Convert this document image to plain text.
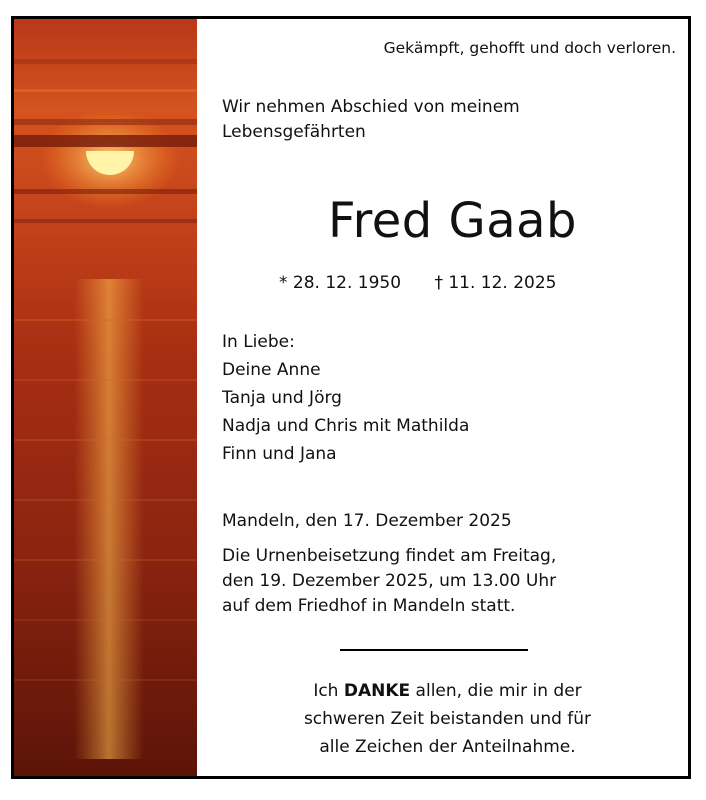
Gekämpft, gehofft und doch verloren.
Wir nehmen Abschied von meinem
Lebensgefährten
Fred Gaab
* 28. 12. 1950 † 11. 12. 2025
In Liebe:
Deine Anne
Tanja und Jörg
Nadja und Chris mit Mathilda
Finn und Jana
Mandeln, den 17. Dezember 2025
Die Urnenbeisetzung findet am Freitag,
den 19. Dezember 2025, um 13.00 Uhr
auf dem Friedhof in Mandeln statt.
Ich DANKE allen, die mir in der
schweren Zeit beistanden und für
alle Zeichen der Anteilnahme.
